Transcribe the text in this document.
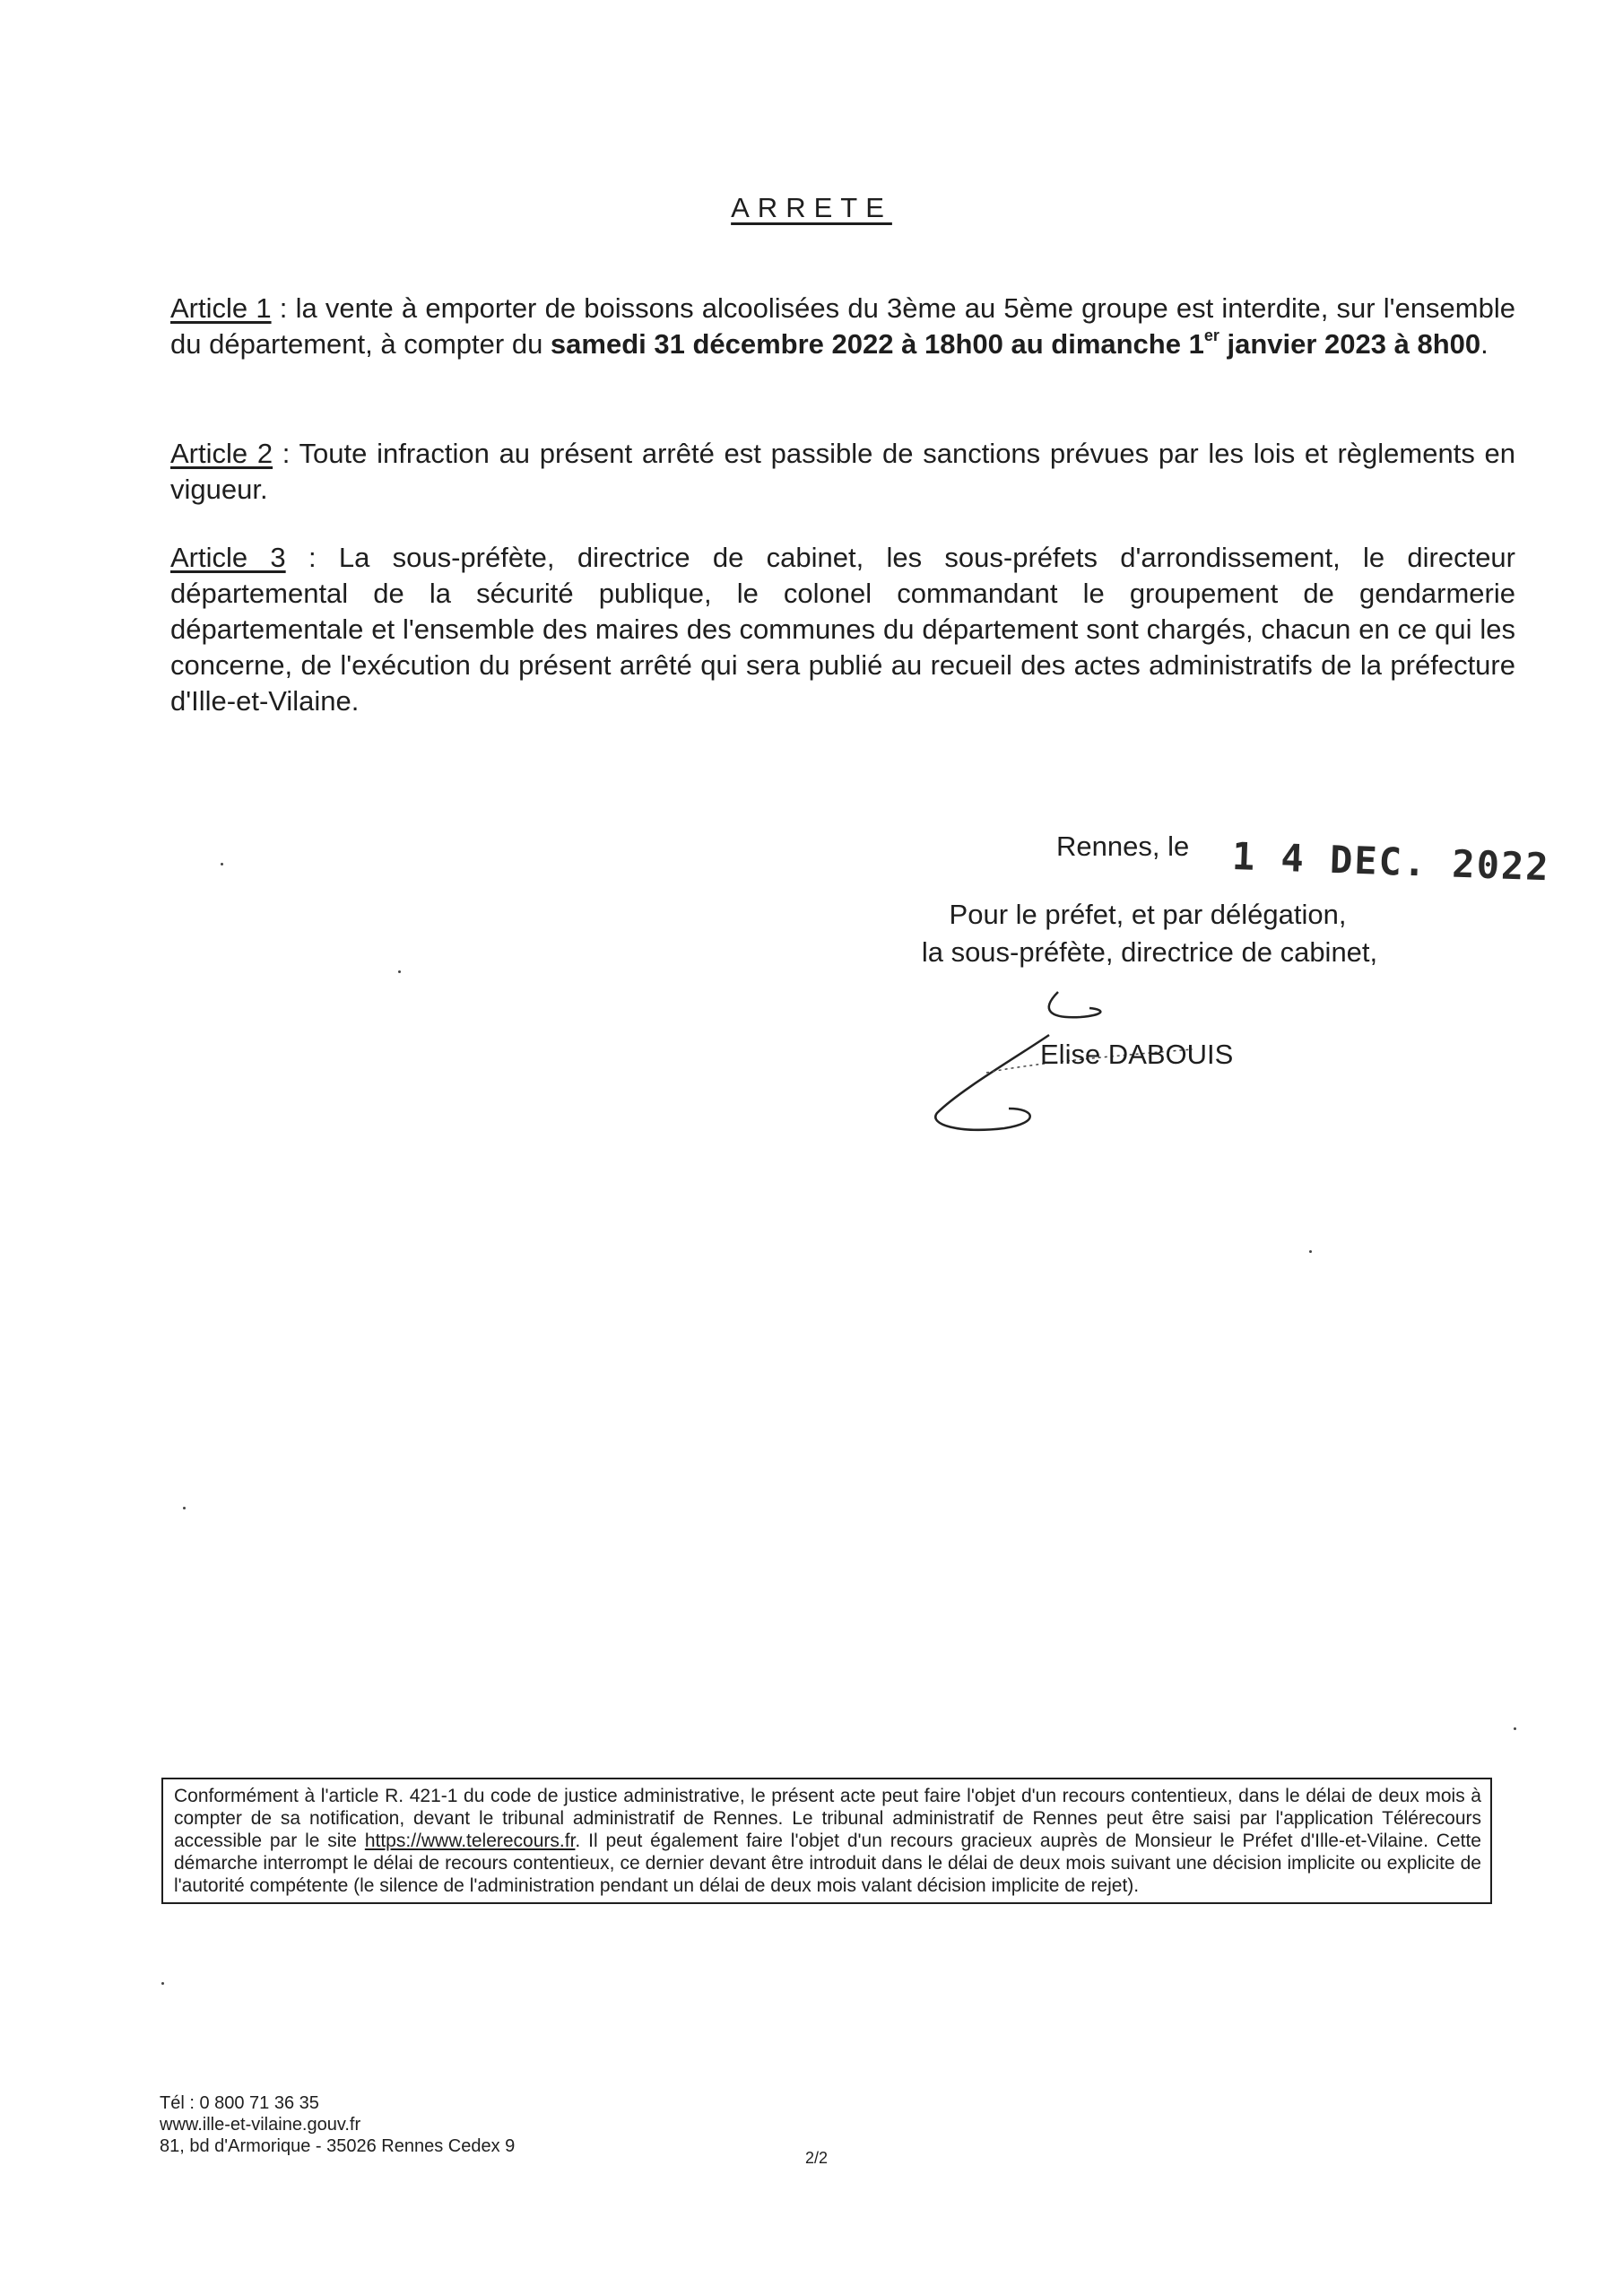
ARRETE
Article 1 : la vente à emporter de boissons alcoolisées du 3ème au 5ème groupe est interdite, sur l'ensemble du département, à compter du samedi 31 décembre 2022 à 18h00 au dimanche 1er janvier 2023 à 8h00.
Article 2 : Toute infraction au présent arrêté est passible de sanctions prévues par les lois et règlements en vigueur.
Article 3 : La sous-préfète, directrice de cabinet, les sous-préfets d'arrondissement, le directeur départemental de la sécurité publique, le colonel commandant le groupement de gendarmerie départementale et l'ensemble des maires des communes du département sont chargés, chacun en ce qui les concerne, de l'exécution du présent arrêté qui sera publié au recueil des actes administratifs de la préfecture d'Ille-et-Vilaine.
Rennes, le 1 4 DEC. 2022
Pour le préfet, et par délégation,
la sous-préfète, directrice de cabinet,
Elise DABOUIS
Conformément à l'article R. 421-1 du code de justice administrative, le présent acte peut faire l'objet d'un recours contentieux, dans le délai de deux mois à compter de sa notification, devant le tribunal administratif de Rennes. Le tribunal administratif de Rennes peut être saisi par l'application Télérecours accessible par le site https://www.telerecours.fr. Il peut également faire l'objet d'un recours gracieux auprès de Monsieur le Préfet d'Ille-et-Vilaine. Cette démarche interrompt le délai de recours contentieux, ce dernier devant être introduit dans le délai de deux mois suivant une décision implicite ou explicite de l'autorité compétente (le silence de l'administration pendant un délai de deux mois valant décision implicite de rejet).
Tél : 0 800 71 36 35
www.ille-et-vilaine.gouv.fr
81, bd d'Armorique - 35026 Rennes Cedex 9
2/2
